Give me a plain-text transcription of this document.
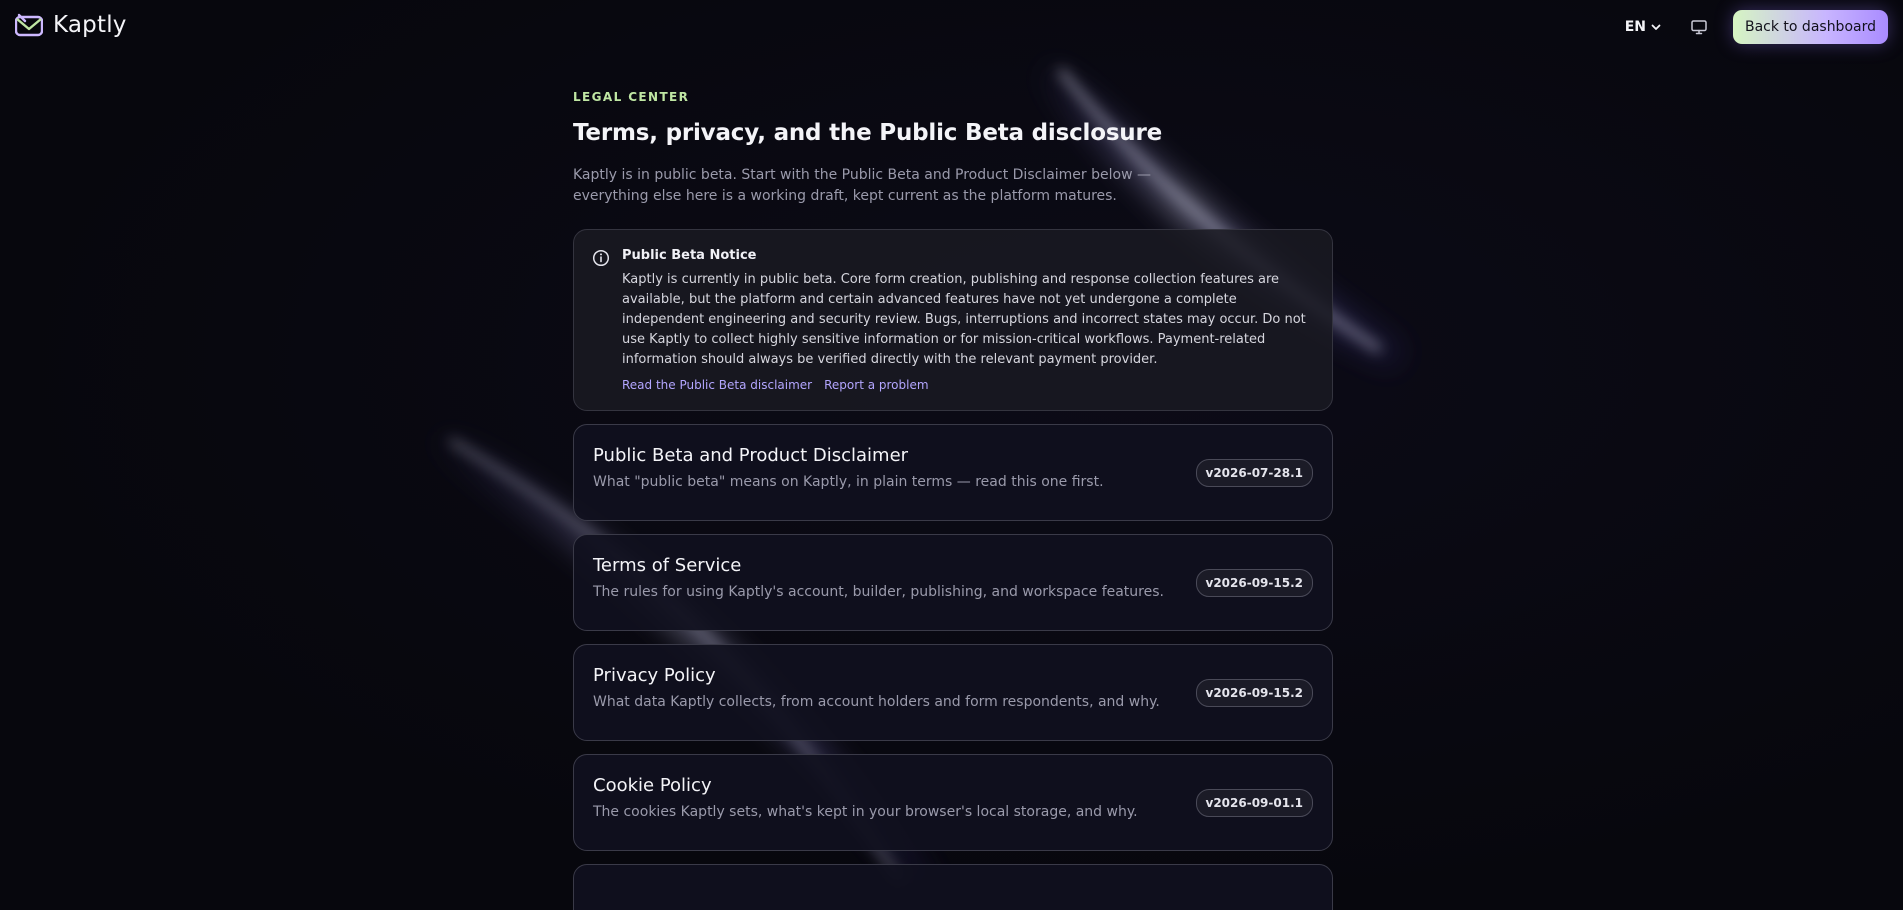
Kaptly	EN	Back to dashboard
LEGAL CENTER
Terms, privacy, and the Public Beta disclosure

Kaptly is in public beta. Start with the Public Beta and Product Disclaimer below — everything else here is a working draft, kept current as the platform matures.

Public Beta Notice
Kaptly is currently in public beta. Core form creation, publishing and response collection features are available, but the platform and certain advanced features have not yet undergone a complete independent engineering and security review. Bugs, interruptions and incorrect states may occur. Do not use Kaptly to collect highly sensitive information or for mission-critical workflows. Payment-related information should always be verified directly with the relevant payment provider.
Read the Public Beta disclaimer Report a problem
Public Beta and Product Disclaimer
What "public beta" means on Kaptly, in plain terms — read this one first.
v2026-07-28.1
Terms of Service
The rules for using Kaptly's account, builder, publishing, and workspace features.
v2026-09-15.2
Privacy Policy
What data Kaptly collects, from account holders and form respondents, and why.
v2026-09-15.2
Cookie Policy
The cookies Kaptly sets, what's kept in your browser's local storage, and why.
v2026-09-01.1
